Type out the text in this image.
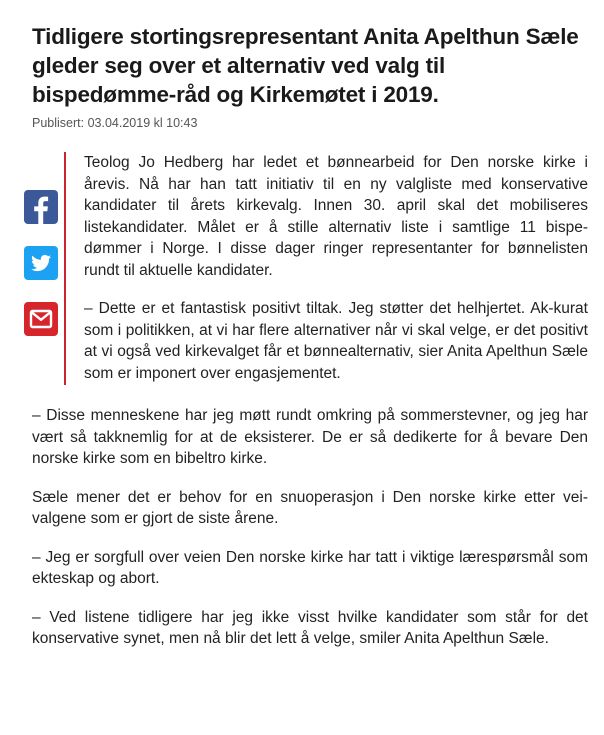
Tidligere stortingsrepresentant Anita Apelthun Sæle gleder seg over et alternativ ved valg til bispedømme-råd og Kirkemøtet i 2019.
Publisert: 03.04.2019 kl 10:43

Teolog Jo Hedberg har ledet et bønnearbeid for Den norske kirke i årevis. Nå har han tatt initiativ til en ny valgliste med konservative kandidater til årets kirkevalg. Innen 30. april skal det mobiliseres listekandidater. Målet er å stille alternativ liste i samtlige 11 bispe-dømmer i Norge. I disse dager ringer representanter for bønnelisten rundt til aktuelle kandidater.

– Dette er et fantastisk positivt tiltak. Jeg støtter det helhjertet. Ak-kurat som i politikken, at vi har flere alternativer når vi skal velge, er det positivt at vi også ved kirkevalget får et bønnealternativ, sier Anita Apelthun Sæle som er imponert over engasjementet.

– Disse menneskene har jeg møtt rundt omkring på sommerstevner, og jeg har vært så takknemlig for at de eksisterer. De er så dedikerte for å bevare Den norske kirke som en bibeltro kirke.

Sæle mener det er behov for en snuoperasjon i Den norske kirke etter vei-valgene som er gjort de siste årene.

– Jeg er sorgfull over veien Den norske kirke har tatt i viktige lærespørsmål som ekteskap og abort.

– Ved listene tidligere har jeg ikke visst hvilke kandidater som står for det konservative synet, men nå blir det lett å velge, smiler Anita Apelthun Sæle.
